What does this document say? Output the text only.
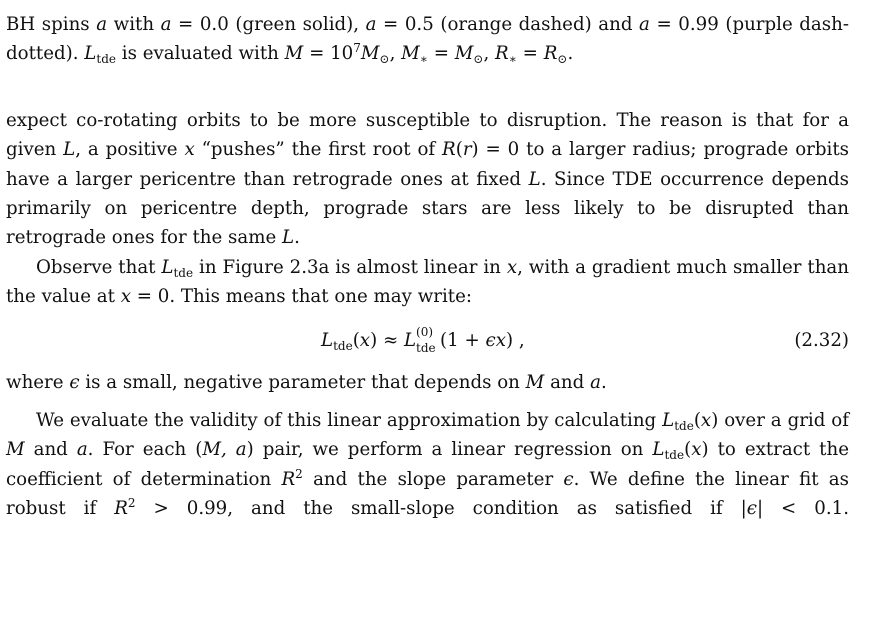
BH spins a with a = 0.0 (green solid), a = 0.5 (orange dashed) and a = 0.99 (purple dash-dotted). $L_{tde}$ is evaluated with $M = 10^7M_⊙$, $M_∗ = M_⊙$, $R_∗ = R_⊙$.

expect co-rotating orbits to be more susceptible to disruption. The reason is that for a given L, a positive x “pushes” the first root of R(r) = 0 to a larger radius; prograde orbits have a larger pericentre than retrograde ones at fixed L. Since TDE occurrence depends primarily on pericentre depth, prograde stars are less likely to be disrupted than retrograde ones for the same L.

Observe that $L_{tde}$ in Figure 2.3a is almost linear in x, with a gradient much smaller than the value at x = 0. This means that one may write:

$L_{tde}(x) \approx L$ (0)
tde (1 + ϵx) ,	(2.32)

where ϵ is a small, negative parameter that depends on M and a.

We evaluate the validity of this linear approximation by calculating $L_{tde}(x)$ over a grid of M and a. For each (M, a) pair, we perform a linear regression on $L_{tde}(x)$ to extract the coefficient of determination $R^2$ and the slope parameter ϵ. We define the linear fit as robust if $R^2 > 0.99$, and the small-slope condition as satisfied if |ϵ| < 0.1.
